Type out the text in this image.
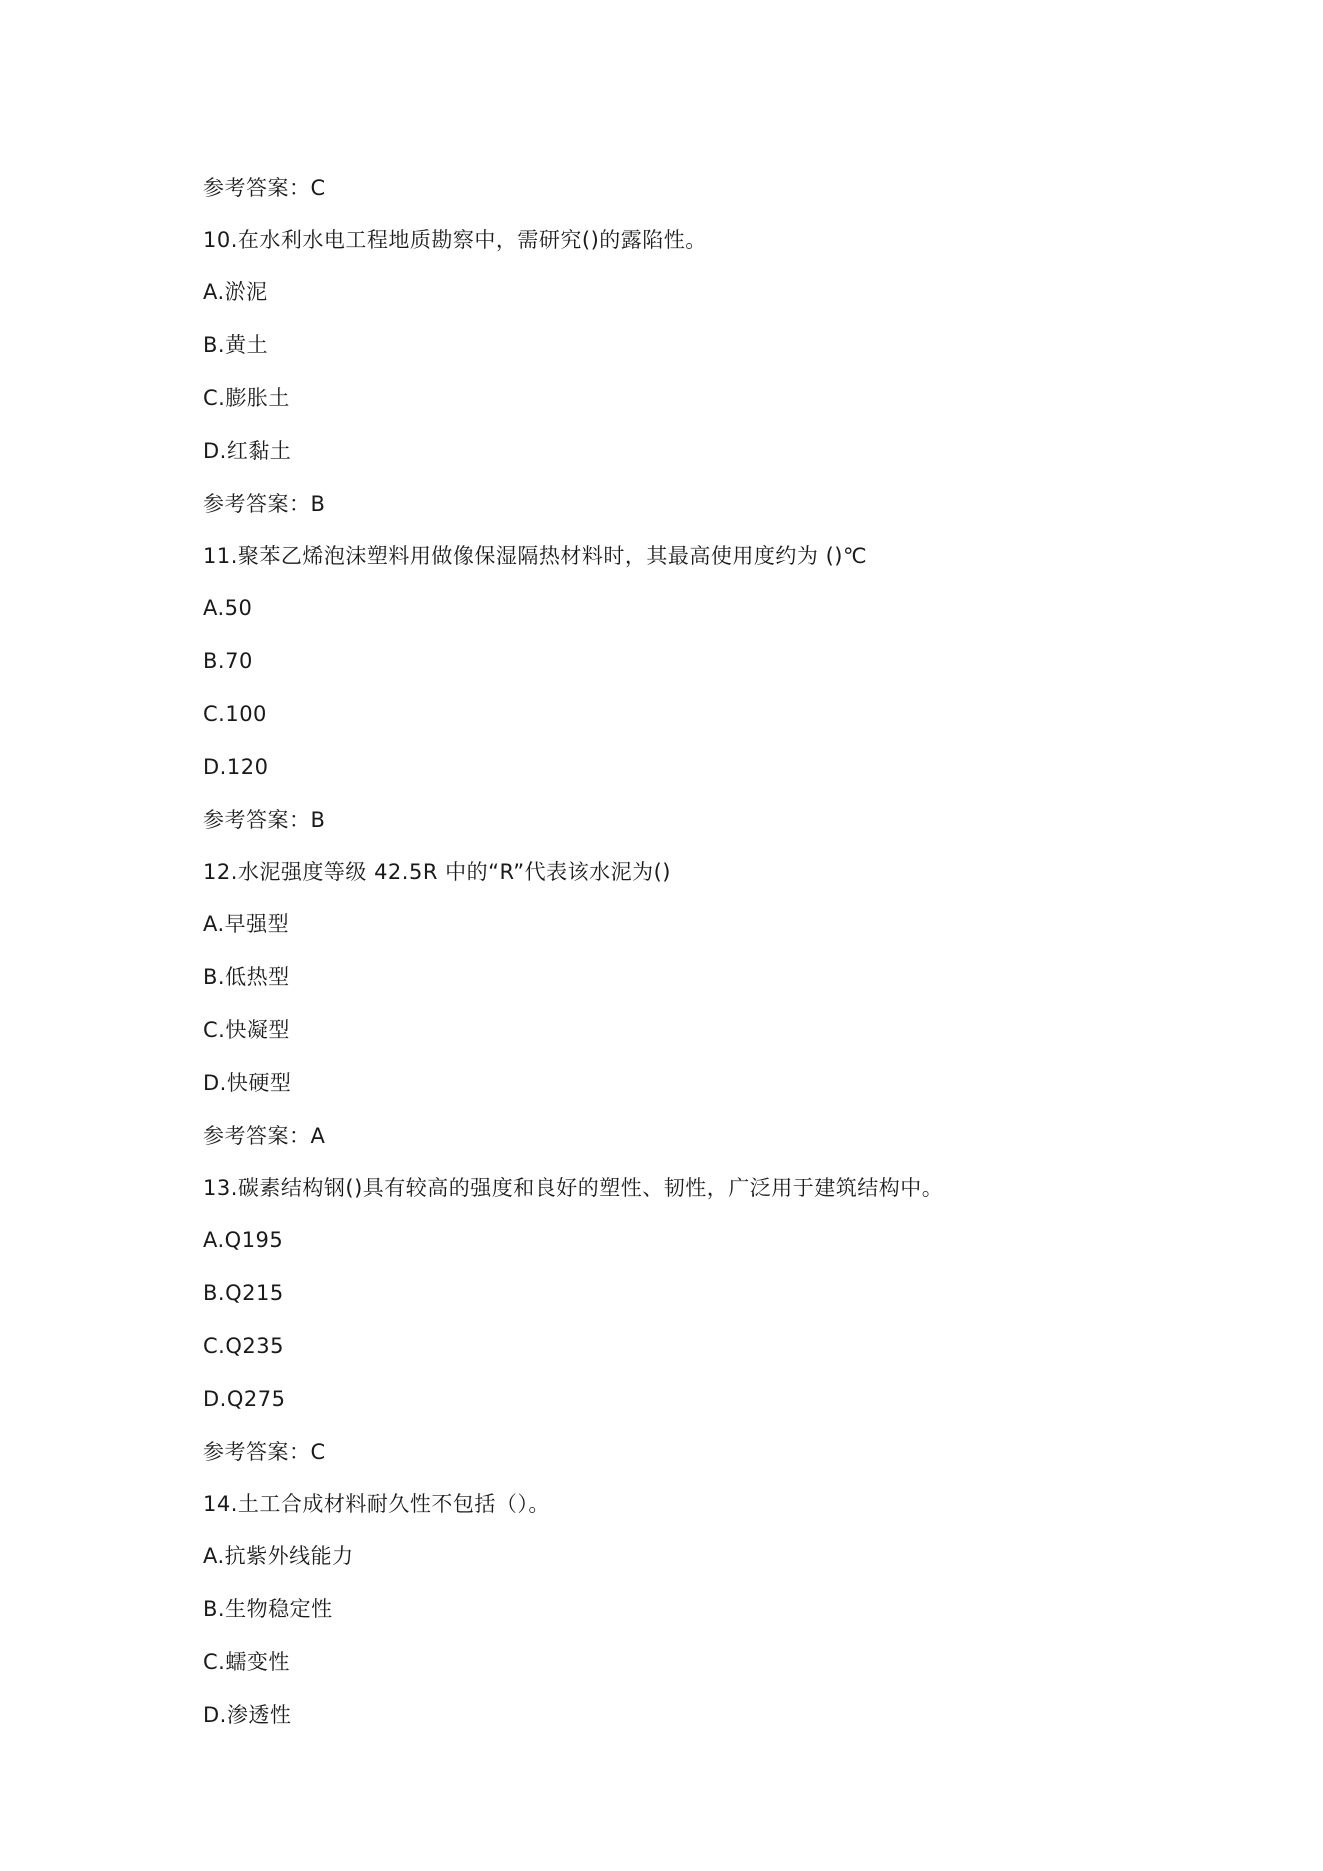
参考答案：C
10.在水利水电工程地质勘察中，需研究()的露陷性。
A.淤泥
B.黄土
C.膨胀土
D.红黏土
参考答案：B
11.聚苯乙烯泡沫塑料用做像保湿隔热材料时，其最高使用度约为 ()℃
A.50
B.70
C.100
D.120
参考答案：B
12.水泥强度等级 42.5R 中的“R”代表该水泥为()
A.早强型
B.低热型
C.快凝型
D.快硬型
参考答案：A
13.碳素结构钢()具有较高的强度和良好的塑性、韧性，广泛用于建筑结构中。
A.Q195
B.Q215
C.Q235
D.Q275
参考答案：C
14.土工合成材料耐久性不包括（）。
A.抗紫外线能力
B.生物稳定性
C.蠕变性
D.渗透性
